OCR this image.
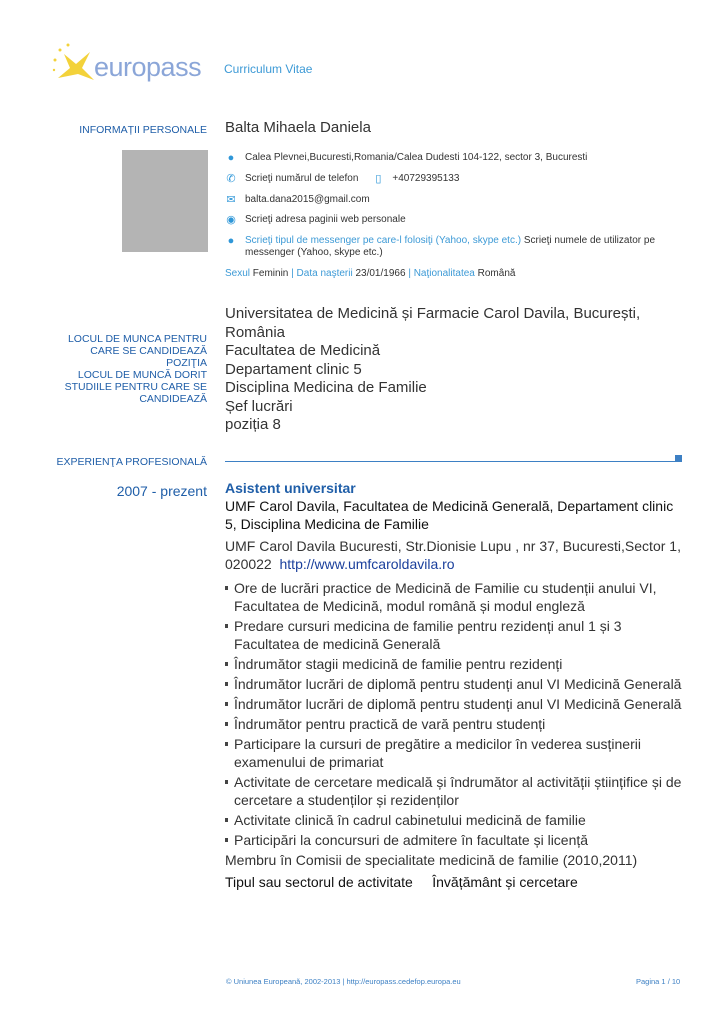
europass Curriculum Vitae
INFORMAȚII PERSONALE Balta Mihaela Daniela
● Calea Plevnei,Bucuresti,Romania/Calea Dudesti 104-122, sector 3, Bucuresti
✆ Scrieţi numărul de telefon ▯ +40729395133
✉ balta.dana2015@gmail.com
◉ Scrieţi adresa paginii web personale
● Scrieţi tipul de messenger pe care-l folosiţi (Yahoo, skype etc.) Scrieţi numele de utilizator pe messenger (Yahoo, skype etc.)
Sexul Feminin | Data naşterii 23/01/1966 | Naţionalitatea Română
LOCUL DE MUNCA PENTRU CARE SE CANDIDEAZĂ
POZIŢIA
LOCUL DE MUNCĂ DORIT
STUDIILE PENTRU CARE SE CANDIDEAZĂ
Universitatea de Medicină și Farmacie Carol Davila, București, România
Facultatea de Medicină
Departament clinic 5
Disciplina Medicina de Familie
Șef lucrări
poziția 8
EXPERIENŢA PROFESIONALĂ
2007 - prezent Asistent universitar
UMF Carol Davila, Facultatea de Medicină Generală, Departament clinic 5, Disciplina Medicina de Familie
UMF Carol Davila Bucuresti, Str.Dionisie Lupu , nr 37, Bucuresti,Sector 1, 020022 http://www.umfcaroldavila.ro
Ore de lucrări practice de Medicină de Familie cu studenții anului VI, Facultatea de Medicină, modul română și modul engleză
Predare cursuri medicina de familie pentru rezidenți anul 1 și 3 Facultatea de medicină Generală
Îndrumător stagii medicină de familie pentru rezidenți
Îndrumător lucrări de diplomă pentru studenți anul VI Medicină Generală
Îndrumător lucrări de diplomă pentru studenți anul VI Medicină Generală
Îndrumător pentru practică de vară pentru studenți
Participare la cursuri de pregătire a medicilor în vederea susținerii examenului de primariat
Activitate de cercetare medicală și îndrumător al activității științifice și de cercetare a studenților și rezidenților
Activitate clinică în cadrul cabinetului medicină de familie
Participări la concursuri de admitere în facultate și licență
Membru în Comisii de specialitate medicină de familie (2010,2011)
Tipul sau sectorul de activitate Învățământ și cercetare
© Uniunea Europeană, 2002-2013 | http://europass.cedefop.europa.eu	Pagina 1 / 10
